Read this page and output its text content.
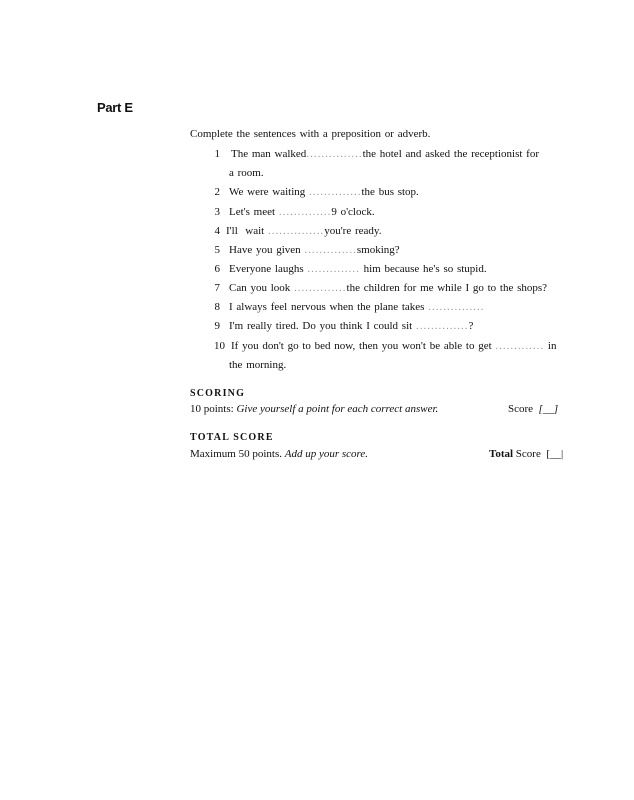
Part E
Complete the sentences with a preposition or adverb.
1 The man walked...............the hotel and asked the receptionist for
a room.
2 We were waiting ..............the bus stop.
3 Let's meet ..............9 o'clock.
4 I'll  wait ...............you're ready.
5 Have you given ..............smoking?
6 Everyone laughs .............. him because he's so stupid.
7 Can you look ..............the children for me while I go to the shops?
8 I always feel nervous when the plane takes ...............
9 I'm really tired. Do you think I could sit ..............?
10 If you don't go to bed now, then you won't be able to get ............. in
the morning.
SCORING
10 points: Give yourself a point for each correct answer.	Score [__]
TOTAL SCORE
Maximum 50 points. Add up your score.	Total Score [__|
